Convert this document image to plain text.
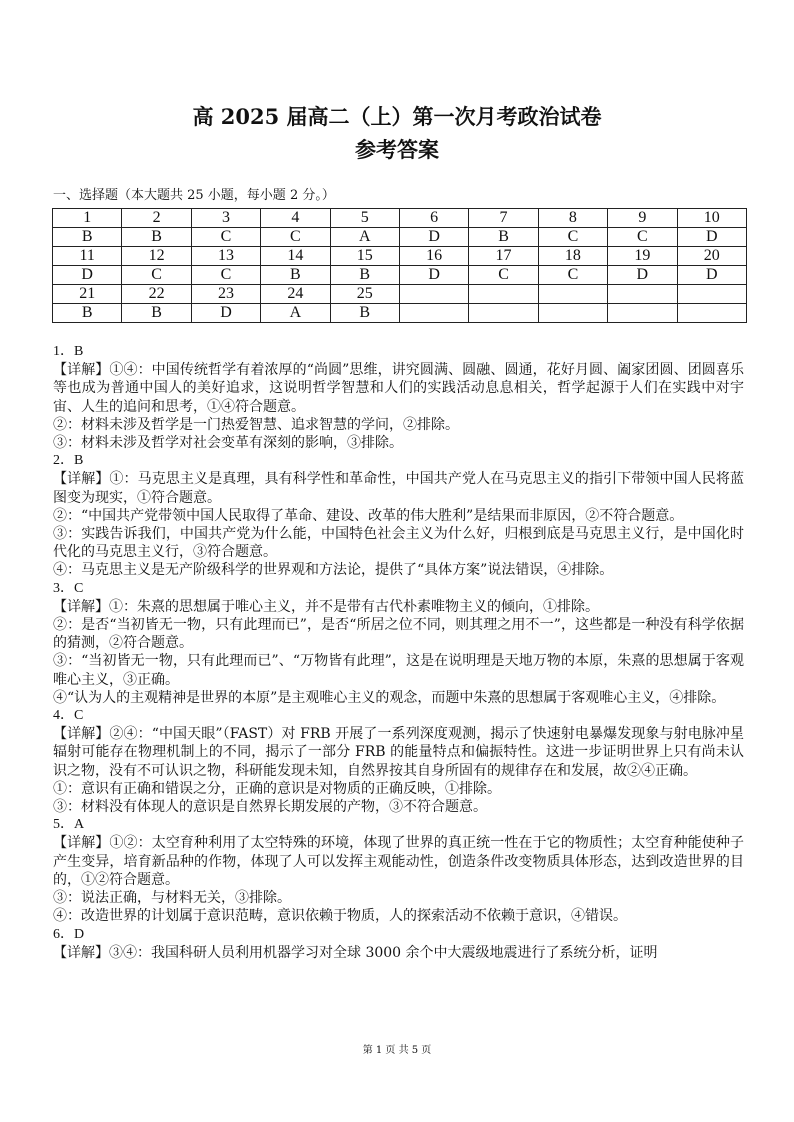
高 2025 届高二（上）第一次月考政治试卷
参考答案
一、选择题（本大题共 25 小题，每小题 2 分。）
1	2	3	4	5	6	7	8	9	10
B	B	C	C	A	D	B	C	C	D
11	12	13	14	15	16	17	18	19	20
D	C	C	B	B	D	C	C	D	D
21	22	23	24	25					
B	B	D	A	B					

1．B

【详解】①④：中国传统哲学有着浓厚的“尚圆”思维，讲究圆满、圆融、圆通，花好月圆、阖家团圆、团圆喜乐等也成为普通中国人的美好追求，这说明哲学智慧和人们的实践活动息息相关，哲学起源于人们在实践中对宇宙、人生的追问和思考，①④符合题意。

②：材料未涉及哲学是一门热爱智慧、追求智慧的学问，②排除。

③：材料未涉及哲学对社会变革有深刻的影响，③排除。

2．B

【详解】①：马克思主义是真理，具有科学性和革命性，中国共产党人在马克思主义的指引下带领中国人民将蓝图变为现实，①符合题意。

②：“中国共产党带领中国人民取得了革命、建设、改革的伟大胜利”是结果而非原因，②不符合题意。

③：实践告诉我们，中国共产党为什么能，中国特色社会主义为什么好，归根到底是马克思主义行，是中国化时代化的马克思主义行，③符合题意。

④：马克思主义是无产阶级科学的世界观和方法论，提供了“具体方案”说法错误，④排除。

3．C

【详解】①：朱熹的思想属于唯心主义，并不是带有古代朴素唯物主义的倾向，①排除。

②：是否“当初皆无一物，只有此理而已”，是否“所居之位不同，则其理之用不一”，这些都是一种没有科学依据的猜测，②符合题意。

③：“当初皆无一物，只有此理而已”、“万物皆有此理”，这是在说明理是天地万物的本原，朱熹的思想属于客观唯心主义，③正确。

④“认为人的主观精神是世界的本原”是主观唯心主义的观念，而题中朱熹的思想属于客观唯心主义，④排除。

4．C

【详解】②④：“中国天眼”（FAST）对 FRB 开展了一系列深度观测，揭示了快速射电暴爆发现象与射电脉冲星辐射可能存在物理机制上的不同，揭示了一部分 FRB 的能量特点和偏振特性。这进一步证明世界上只有尚未认识之物，没有不可认识之物，科研能发现未知，自然界按其自身所固有的规律存在和发展，故②④正确。

①：意识有正确和错误之分，正确的意识是对物质的正确反映，①排除。

③：材料没有体现人的意识是自然界长期发展的产物，③不符合题意。

5．A

【详解】①②：太空育种利用了太空特殊的环境，体现了世界的真正统一性在于它的物质性；太空育种能使种子产生变异，培育新品种的作物，体现了人可以发挥主观能动性，创造条件改变物质具体形态，达到改造世界的目的，①②符合题意。

③：说法正确，与材料无关，③排除。

④：改造世界的计划属于意识范畴，意识依赖于物质，人的探索活动不依赖于意识，④错误。

6．D

【详解】③④：我国科研人员利用机器学习对全球 3000 余个中大震级地震进行了系统分析，证明

第 1 页 共 5 页
